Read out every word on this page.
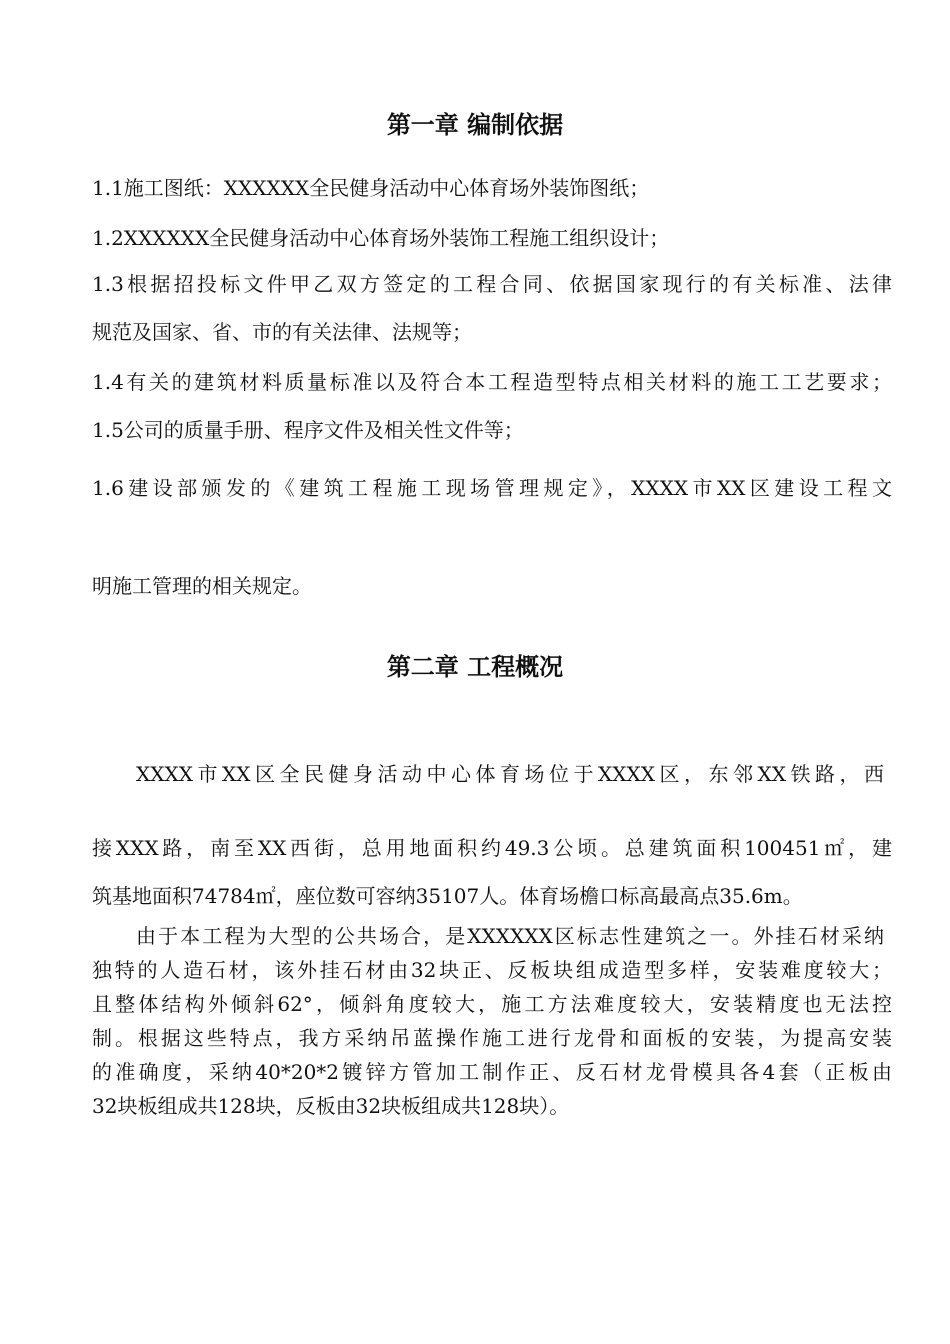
第一章 编制依据
1.1施工图纸：XXXXXX全民健身活动中心体育场外装饰图纸；
1.2XXXXXX全民健身活动中心体育场外装饰工程施工组织设计；
1.3根据招投标文件甲乙双方签定的工程合同、依据国家现行的有关标准、法律
规范及国家、省、市的有关法律、法规等；
1.4有关的建筑材料质量标准以及符合本工程造型特点相关材料的施工工艺要求；
1.5公司的质量手册、程序文件及相关性文件等；
1.6建设部颁发的《建筑工程施工现场管理规定》，XXXX市XX区建设工程文
明施工管理的相关规定。
第二章 工程概况
XXXX市XX区全民健身活动中心体育场位于XXXX区，东邻XX铁路，西
接XXX路，南至XX西街，总用地面积约49.3公顷。总建筑面积100451㎡，建
筑基地面积74784㎡，座位数可容纳35107人。体育场檐口标高最高点35.6m。
由于本工程为大型的公共场合，是XXXXXX区标志性建筑之一。外挂石材采纳
独特的人造石材，该外挂石材由32块正、反板块组成造型多样，安装难度较大；
且整体结构外倾斜62°，倾斜角度较大，施工方法难度较大，安装精度也无法控
制。根据这些特点，我方采纳吊蓝操作施工进行龙骨和面板的安装，为提高安装
的准确度，采纳40*20*2镀锌方管加工制作正、反石材龙骨模具各4套（正板由
32块板组成共128块，反板由32块板组成共128块）。
